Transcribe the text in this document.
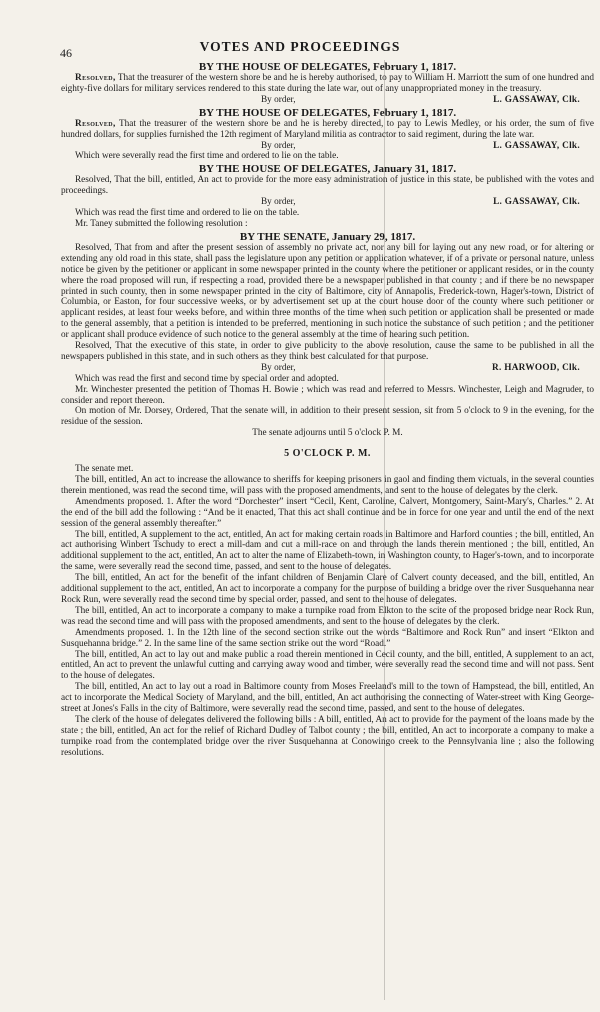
46	VOTES AND PROCEEDINGS
BY THE HOUSE OF DELEGATES, February 1, 1817.
Resolved, That the treasurer of the western shore be and he is hereby authorised, to pay to William H. Marriott the sum of one hundred and eighty-five dollars for military services rendered to this state during the late war, out of any unappropriated money in the treasury.
By order,	L. GASSAWAY, Clk.
BY THE HOUSE OF DELEGATES, February 1, 1817.
Resolved, That the treasurer of the western shore be and he is hereby directed, to pay to Lewis Medley, or his order, the sum of five hundred dollars, for supplies furnished the 12th regiment of Maryland militia as contractor to said regiment, during the late war.
By order,	L. GASSAWAY, Clk.
Which were severally read the first time and ordered to lie on the table.
BY THE HOUSE OF DELEGATES, January 31, 1817.
Resolved, That the bill, entitled, An act to provide for the more easy administration of justice in this state, be published with the votes and proceedings.
By order,	L. GASSAWAY, Clk.
Which was read the first time and ordered to lie on the table.
Mr. Taney submitted the following resolution :
BY THE SENATE, January 29, 1817.
Resolved, That from and after the present session of assembly no private act, nor any bill for laying out any new road, or for altering or extending any old road in this state, shall pass the legislature upon any petition or application whatever, if of a private or personal nature, unless notice be given by the petitioner or applicant in some newspaper printed in the county where the petitioner or applicant resides, or in the county where the road proposed will run, if respecting a road, provided there be a newspaper published in that county ; and if there be no newspaper printed in such county, then in some newspaper printed in the city of Baltimore, city of Annapolis, Frederick-town, Hager's-town, District of Columbia, or Easton, for four successive weeks, or by advertisement set up at the court house door of the county where such petitioner or applicant resides, at least four weeks before, and within three months of the time when such petition or application shall be presented or made to the general assembly, that a petition is intended to be preferred, mentioning in such notice the substance of such petition ; and the petitioner or applicant shall produce evidence of such notice to the general assembly at the time of hearing such petition.
Resolved, That the executive of this state, in order to give publicity to the above resolution, cause the same to be published in all the newspapers published in this state, and in such others as they think best calculated for that purpose.
By order,	R. HARWOOD, Clk.
Which was read the first and second time by special order and adopted.
Mr. Winchester presented the petition of Thomas H. Bowie ; which was read and referred to Messrs. Winchester, Leigh and Magruder, to consider and report thereon.
On motion of Mr. Dorsey, Ordered, That the senate will, in addition to their present session, sit from 5 o'clock to 9 in the evening, for the residue of the session.
The senate adjourns until 5 o'clock P. M.
5 O'CLOCK P. M.
The senate met.
The bill, entitled, An act to increase the allowance to sheriffs for keeping prisoners in gaol and finding them victuals, in the several counties therein mentioned, was read the second time, will pass with the proposed amendments, and sent to the house of delegates by the clerk.
Amendments proposed. 1. After the word “Dorchester” insert “Cecil, Kent, Caroline, Calvert, Montgomery, Saint-Mary's, Charles.” 2. At the end of the bill add the following : “And be it enacted, That this act shall continue and be in force for one year and until the end of the next session of the general assembly thereafter.”
The bill, entitled, A supplement to the act, entitled, An act for making certain roads in Baltimore and Harford counties ; the bill, entitled, An act authorising Winbert Tschudy to erect a mill-dam and cut a mill-race on and through the lands therein mentioned ; the bill, entitled, An additional supplement to the act, entitled, An act to alter the name of Elizabeth-town, in Washington county, to Hager's-town, and to incorporate the same, were severally read the second time, passed, and sent to the house of delegates.
The bill, entitled, An act for the benefit of the infant children of Benjamin Clare of Calvert county deceased, and the bill, entitled, An additional supplement to the act, entitled, An act to incorporate a company for the purpose of building a bridge over the river Susquehanna near Rock Run, were severally read the second time by special order, passed, and sent to the house of delegates.
The bill, entitled, An act to incorporate a company to make a turnpike road from Elkton to the scite of the proposed bridge near Rock Run, was read the second time and will pass with the proposed amendments, and sent to the house of delegates by the clerk.
Amendments proposed. 1. In the 12th line of the second section strike out the words “Baltimore and Rock Run” and insert “Elkton and Susquehanna bridge.” 2. In the same line of the same section strike out the word “Road.”
The bill, entitled, An act to lay out and make public a road therein mentioned in Cecil county, and the bill, entitled, A supplement to an act, entitled, An act to prevent the unlawful cutting and carrying away wood and timber, were severally read the second time and will not pass. Sent to the house of delegates.
The bill, entitled, An act to lay out a road in Baltimore county from Moses Freeland's mill to the town of Hampstead, the bill, entitled, An act to incorporate the Medical Society of Maryland, and the bill, entitled, An act authorising the connecting of Water-street with King George-street at Jones's Falls in the city of Baltimore, were severally read the second time, passed, and sent to the house of delegates.
The clerk of the house of delegates delivered the following bills : A bill, entitled, An act to provide for the payment of the loans made by the state ; the bill, entitled, An act for the relief of Richard Dudley of Talbot county ; the bill, entitled, An act to incorporate a company to make a turnpike road from the contemplated bridge over the river Susquehanna at Conowingo creek to the Pennsylvania line ; also the following resolutions.
